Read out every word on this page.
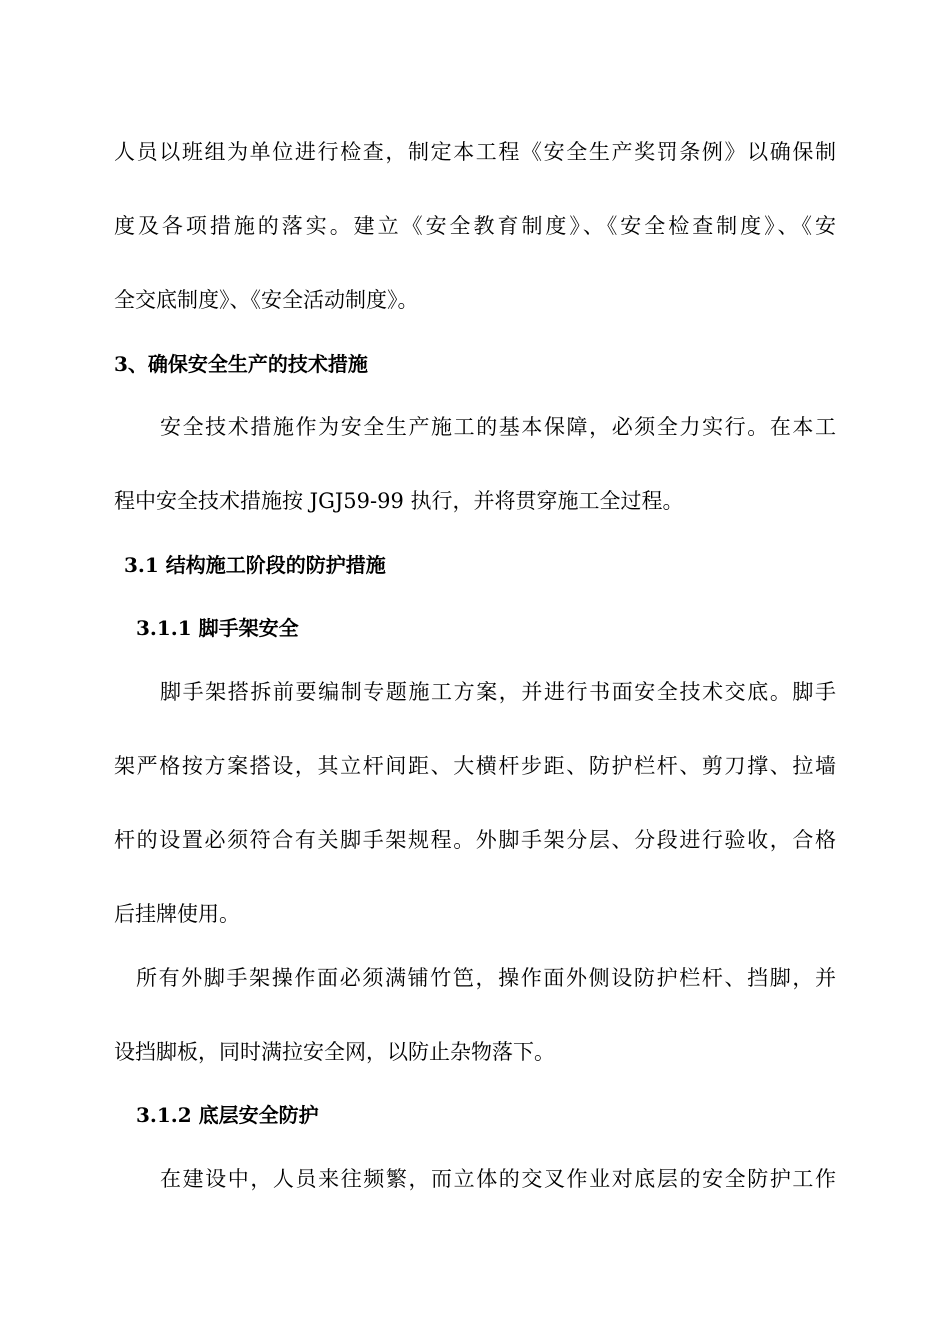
人员以班组为单位进行检查，制定本工程《安全生产奖罚条例》以确保制
度及各项措施的落实。建立《安全教育制度》、《安全检查制度》、《安
全交底制度》、《安全活动制度》。
3、确保安全生产的技术措施
安全技术措施作为安全生产施工的基本保障，必须全力实行。在本工
程中安全技术措施按 JGJ59-99 执行，并将贯穿施工全过程。
3.1 结构施工阶段的防护措施
3.1.1 脚手架安全
脚手架搭拆前要编制专题施工方案，并进行书面安全技术交底。脚手
架严格按方案搭设，其立杆间距、大横杆步距、防护栏杆、剪刀撑、拉墙
杆的设置必须符合有关脚手架规程。外脚手架分层、分段进行验收，合格
后挂牌使用。
所有外脚手架操作面必须满铺竹笆，操作面外侧设防护栏杆、挡脚，并
设挡脚板，同时满拉安全网，以防止杂物落下。
3.1.2 底层安全防护
在建设中，人员来往频繁，而立体的交叉作业对底层的安全防护工作
